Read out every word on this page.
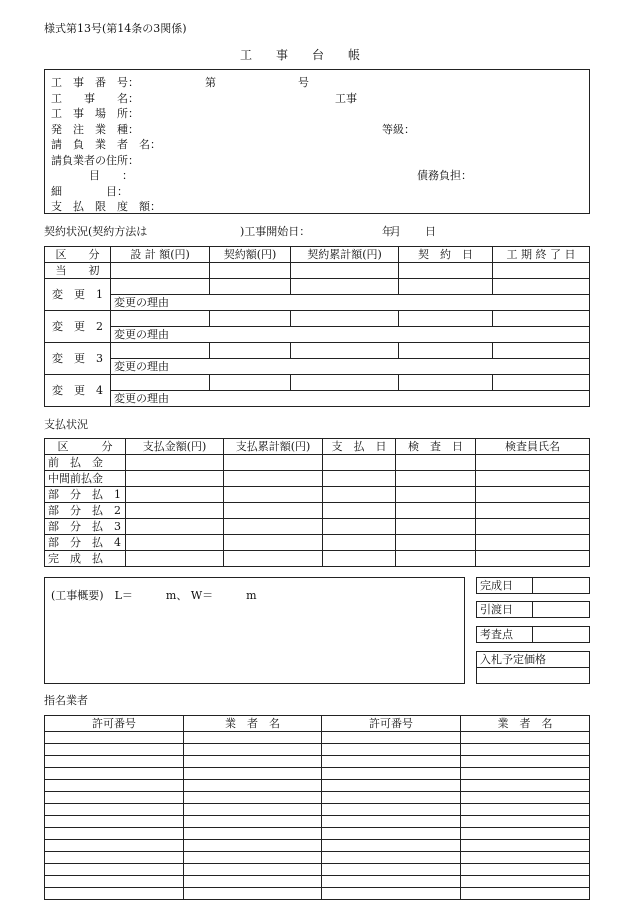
様式第13号(第14条の3関係)
工　　事　　台　　帳
工　事　番　号：	第	号
工　　事　　名：	工事
工　事　場　所：
発　注　業　種：	等級：
請　負　業　者　名：
請負業者の住所：
目　　：	債務負担：
細　　　　目：
支　払　限　度　額：
契約状況(契約方法は	)工事開始日：	年
月 日
区　　分	設 計 額(円)	契約額(円)	契約累計額(円)	契　約　日	工 期 終 了 日
当　　初					
変　更　1					
	変更の理由				
変　更　2					
	変更の理由				
変　更　3					
	変更の理由				
変　更　4					
	変更の理由				
支払状況
区　　　分	支払金額(円)	支払累計額(円)	支　払　日	検　査　日	検査員氏名
前　払　金					
中間前払金					
部　分　払　1					
部　分　払　2					
部　分　払　3					
部　分　払　4					
完　成　払					
(工事概要)　L＝　　　m、 W＝　　　m
完成日	
引渡日	
考査点	
入札予定価格

指名業者
許可番号	業　者　名	許可番号	業　者　名
